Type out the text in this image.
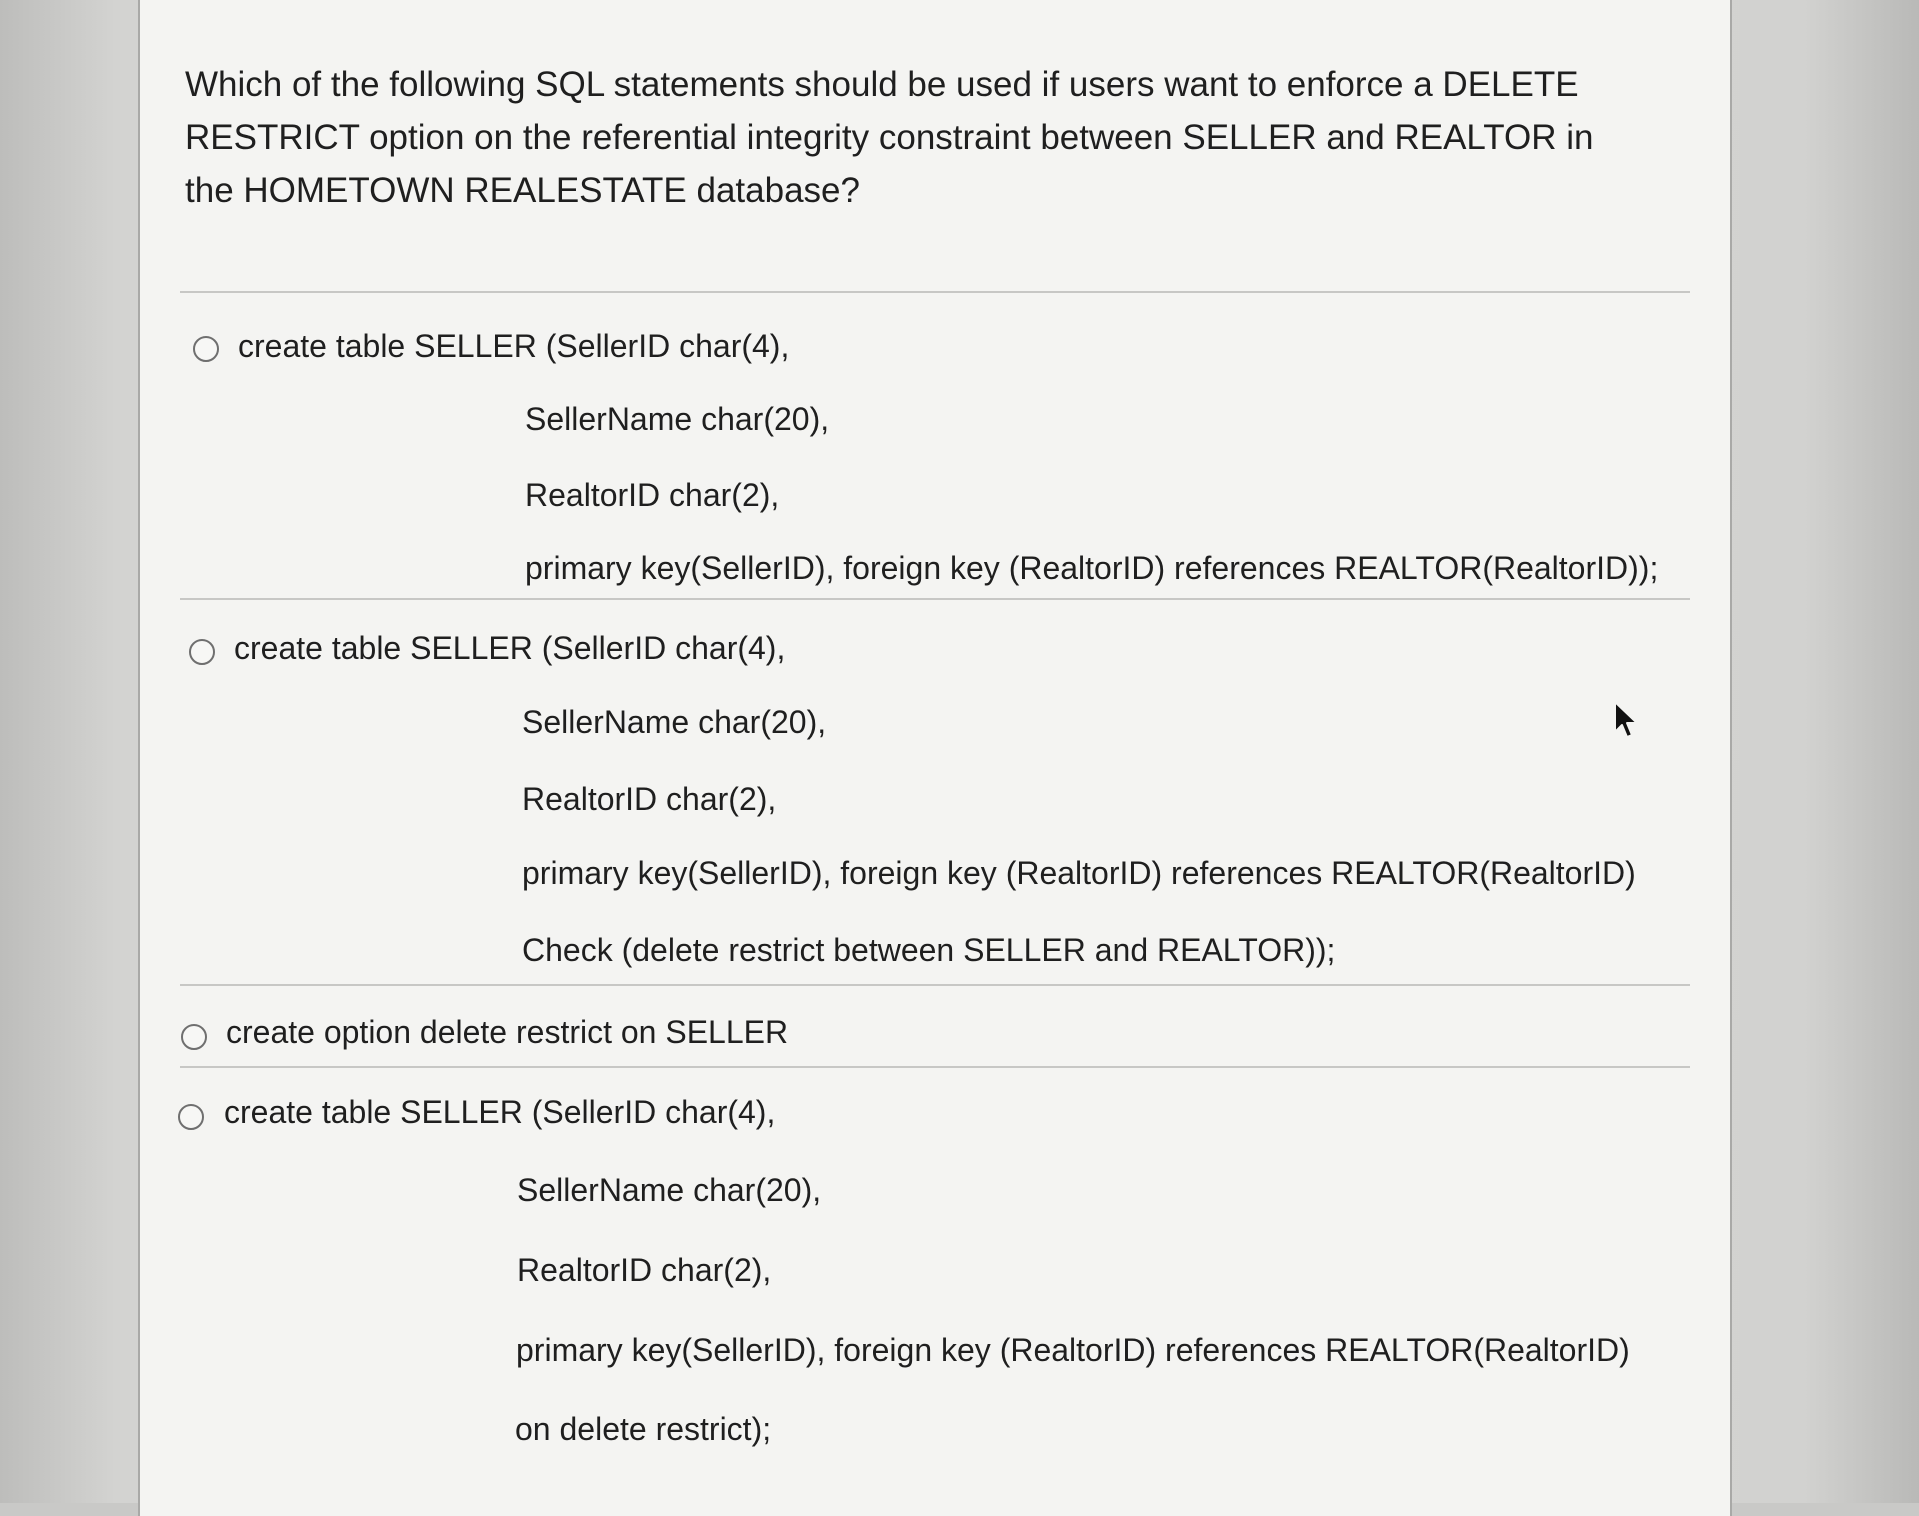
Which of the following SQL statements should be used if users want to enforce a DELETE RESTRICT option on the referential integrity constraint between SELLER and REALTOR in the HOMETOWN REALESTATE database?

create table SELLER (SellerID char(4),
SellerName char(20),
RealtorID char(2),
primary key(SellerID), foreign key (RealtorID) references REALTOR(RealtorID));
create table SELLER (SellerID char(4),
SellerName char(20),
RealtorID char(2),
primary key(SellerID), foreign key (RealtorID) references REALTOR(RealtorID)
Check (delete restrict between SELLER and REALTOR));
create option delete restrict on SELLER
create table SELLER (SellerID char(4),
SellerName char(20),
RealtorID char(2),
primary key(SellerID), foreign key (RealtorID) references REALTOR(RealtorID)
on delete restrict);
